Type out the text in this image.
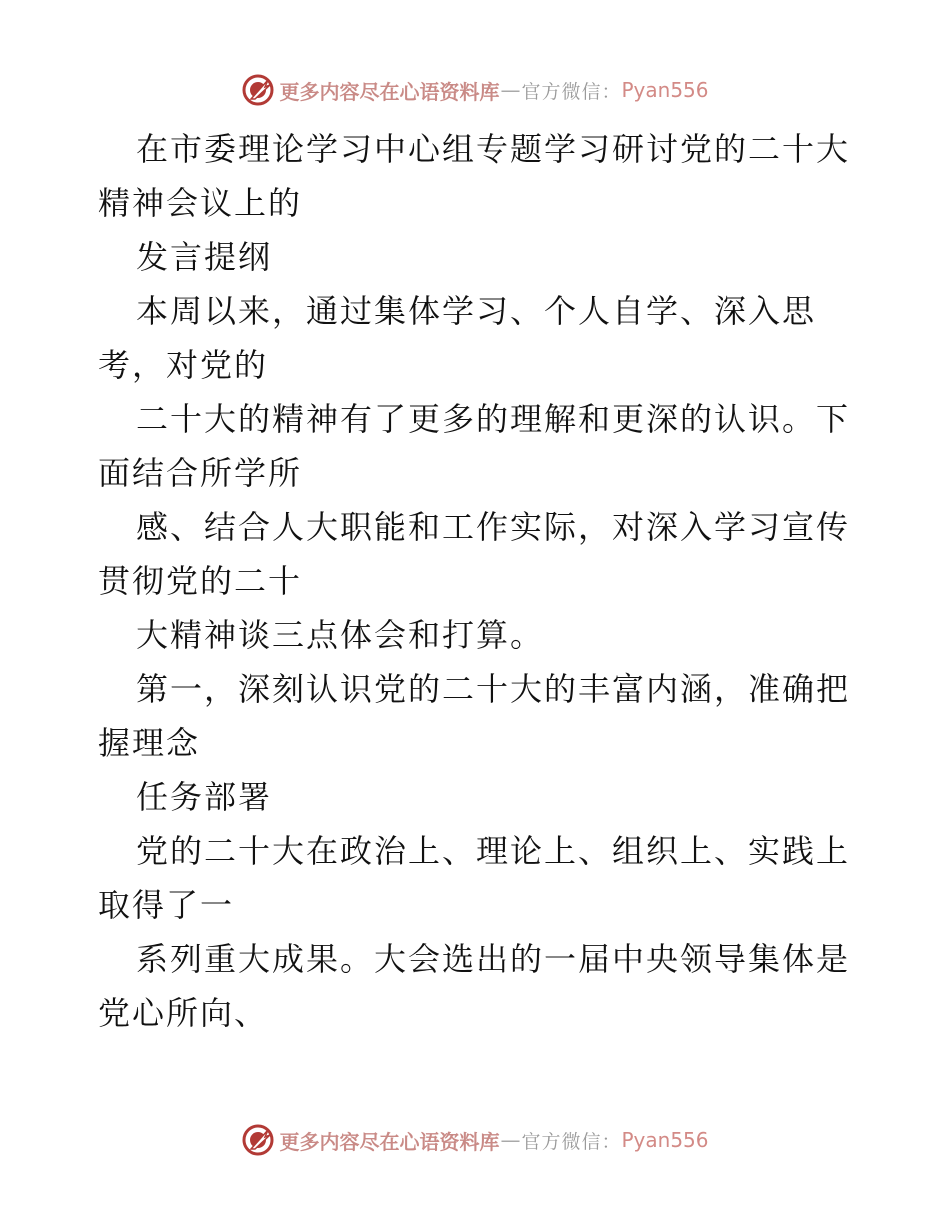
更多内容尽在心语资料库 — 官方微信： Pyan556
在市委理论学习中心组专题学习研讨党的二十大
精神会议上的
发言提纲
本周以来，通过集体学习、个人自学、深入思
考，对党的
二十大的精神有了更多的理解和更深的认识。下
面结合所学所
感、结合人大职能和工作实际，对深入学习宣传
贯彻党的二十
大精神谈三点体会和打算。
第一，深刻认识党的二十大的丰富内涵，准确把
握理念
任务部署
党的二十大在政治上、理论上、组织上、实践上
取得了一
系列重大成果。大会选出的一届中央领导集体是
党心所向、
更多内容尽在心语资料库 — 官方微信： Pyan556
